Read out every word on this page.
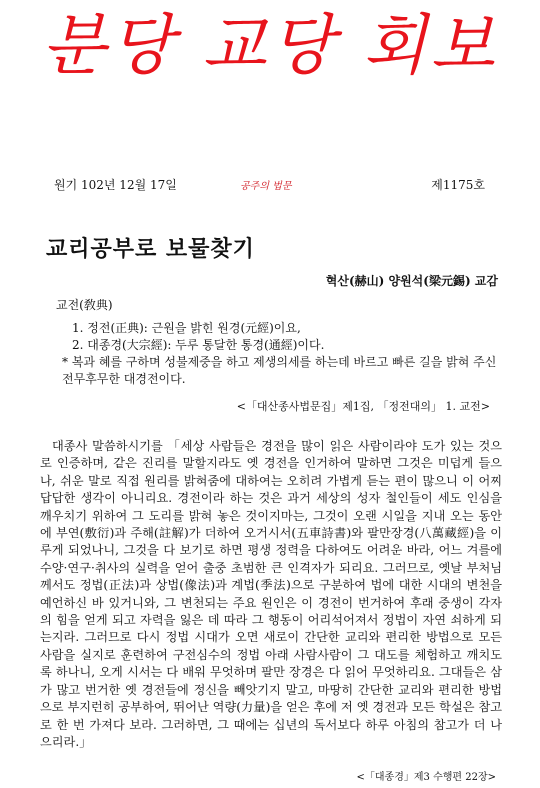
분당 교당 회보
원기 102년 12월 17일	공주의 법문	제1175호
교리공부로 보물찾기
혁산(赫山) 양원석(梁元錫) 교감
교전(敎典)
1. 정전(正典): 근원을 밝힌 원경(元經)이요,
2. 대종경(大宗經): 두루 통달한 통경(通經)이다.
* 복과 혜를 구하며 성불제중을 하고 제생의세를 하는데 바르고 빠른 길을 밝혀 주신 전무후무한 대경전이다.
<「대산종사법문집」제1집, 「정전대의」 1. 교전>

대종사 말씀하시기를 「세상 사람들은 경전을 많이 읽은 사람이라야 도가 있는 것으로 인증하며, 같은 진리를 말할지라도 옛 경전을 인거하여 말하면 그것은 미덥게 들으나, 쉬운 말로 직접 원리를 밝혀줌에 대하여는 오히려 가볍게 듣는 편이 많으니 이 어찌 답답한 생각이 아니리요. 경전이라 하는 것은 과거 세상의 성자 철인들이 세도 인심을 깨우치기 위하여 그 도리를 밝혀 놓은 것이지마는, 그것이 오랜 시일을 지내 오는 동안에 부연(敷衍)과 주해(註解)가 더하여 오거시서(五車詩書)와 팔만장경(八萬藏經)을 이루게 되었나니, 그것을 다 보기로 하면 평생 정력을 다하여도 어려운 바라, 어느 겨를에 수양·연구·취사의 실력을 얻어 출중 초범한 큰 인격자가 되리요. 그러므로, 옛날 부처님께서도 정법(正法)과 상법(像法)과 계법(季法)으로 구분하여 법에 대한 시대의 변천을 예언하신 바 있거니와, 그 변천되는 주요 원인은 이 경전이 번거하여 후래 중생이 각자의 힘을 얻게 되고 자력을 잃은 데 따라 그 행동이 어리석어져서 정법이 자연 쇠하게 되는지라. 그러므로 다시 정법 시대가 오면 새로이 간단한 교리와 편리한 방법으로 모든 사람을 실지로 훈련하여 구전심수의 정법 아래 사람사람이 그 대도를 체험하고 깨치도록 하나니, 오게 시서는 다 배워 무엇하며 팔만 장경은 다 읽어 무엇하리요. 그대들은 삼가 많고 번거한 옛 경전들에 정신을 빼앗기지 말고, 마땅히 간단한 교리와 편리한 방법으로 부지런히 공부하여, 뛰어난 역량(力量)을 얻은 후에 저 옛 경전과 모든 학설은 참고로 한 번 가져다 보라. 그러하면, 그 때에는 십년의 독서보다 하루 아침의 참고가 더 나으리라.」

<「대종경」제3 수행편 22장>
